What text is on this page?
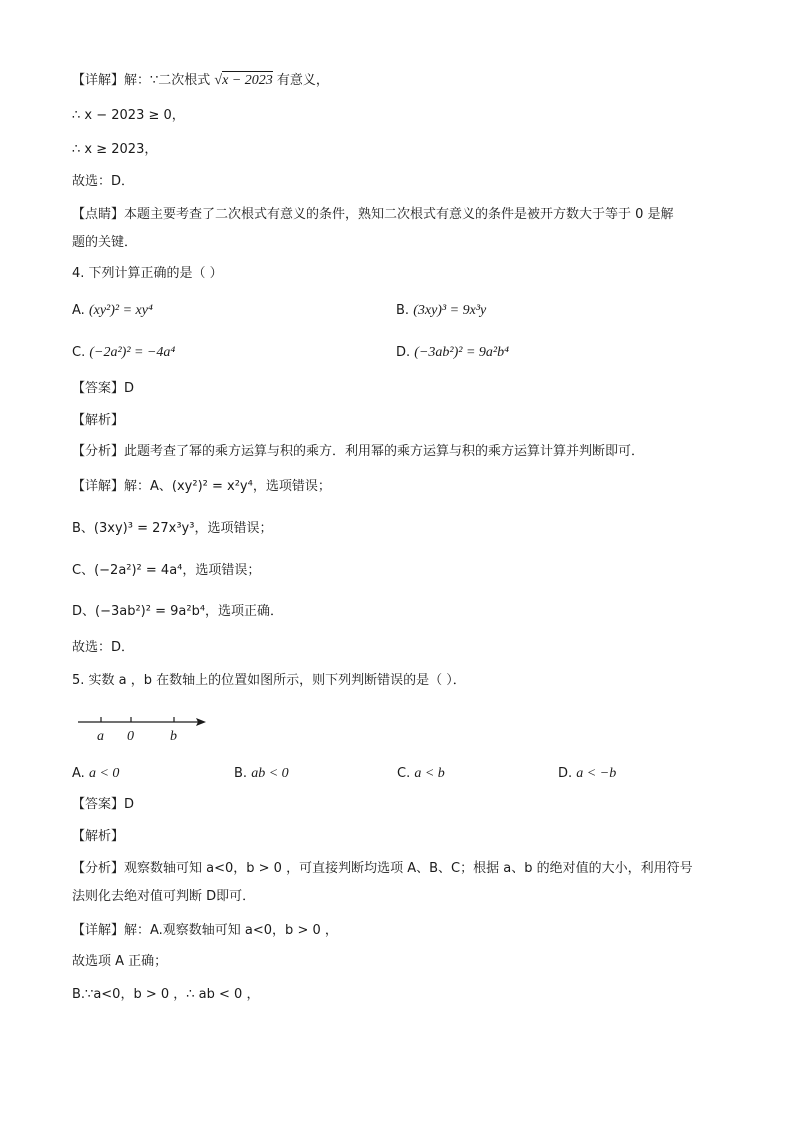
【详解】解：∵二次根式 √x − 2023 有意义，
∴ x − 2023 ≥ 0，
∴ x ≥ 2023，
故选：D．
【点睛】本题主要考查了二次根式有意义的条件，熟知二次根式有意义的条件是被开方数大于等于 0 是解
题的关键．
4. 下列计算正确的是（ ）
A. (xy²)² = xy⁴	B. (3xy)³ = 9x³y
C. (−2a²)² = −4a⁴	D. (−3ab²)² = 9a²b⁴
【答案】D
【解析】
【分析】此题考查了幂的乘方运算与积的乘方．利用幂的乘方运算与积的乘方运算计算并判断即可．
【详解】解：A、(xy²)² = x²y⁴，选项错误；
B、(3xy)³ = 27x³y³，选项错误；
C、(−2a²)² = 4a⁴，选项错误；
D、(−3ab²)² = 9a²b⁴，选项正确．
故选：D．
5. 实数 a ，b 在数轴上的位置如图所示，则下列判断错误的是（ ）．
a 0	b
A. a < 0	B. ab < 0	C. a < b	D. a < −b
【答案】D
【解析】
【分析】观察数轴可知 a<0，b > 0 ，可直接判断均选项 A、B、C；根据 a、b 的绝对值的大小，利用符号
法则化去绝对值可判断 D即可．
【详解】解：A.观察数轴可知 a<0，b > 0 ，
故选项 A 正确；
B.∵a<0，b > 0 ，∴ ab < 0 ，
